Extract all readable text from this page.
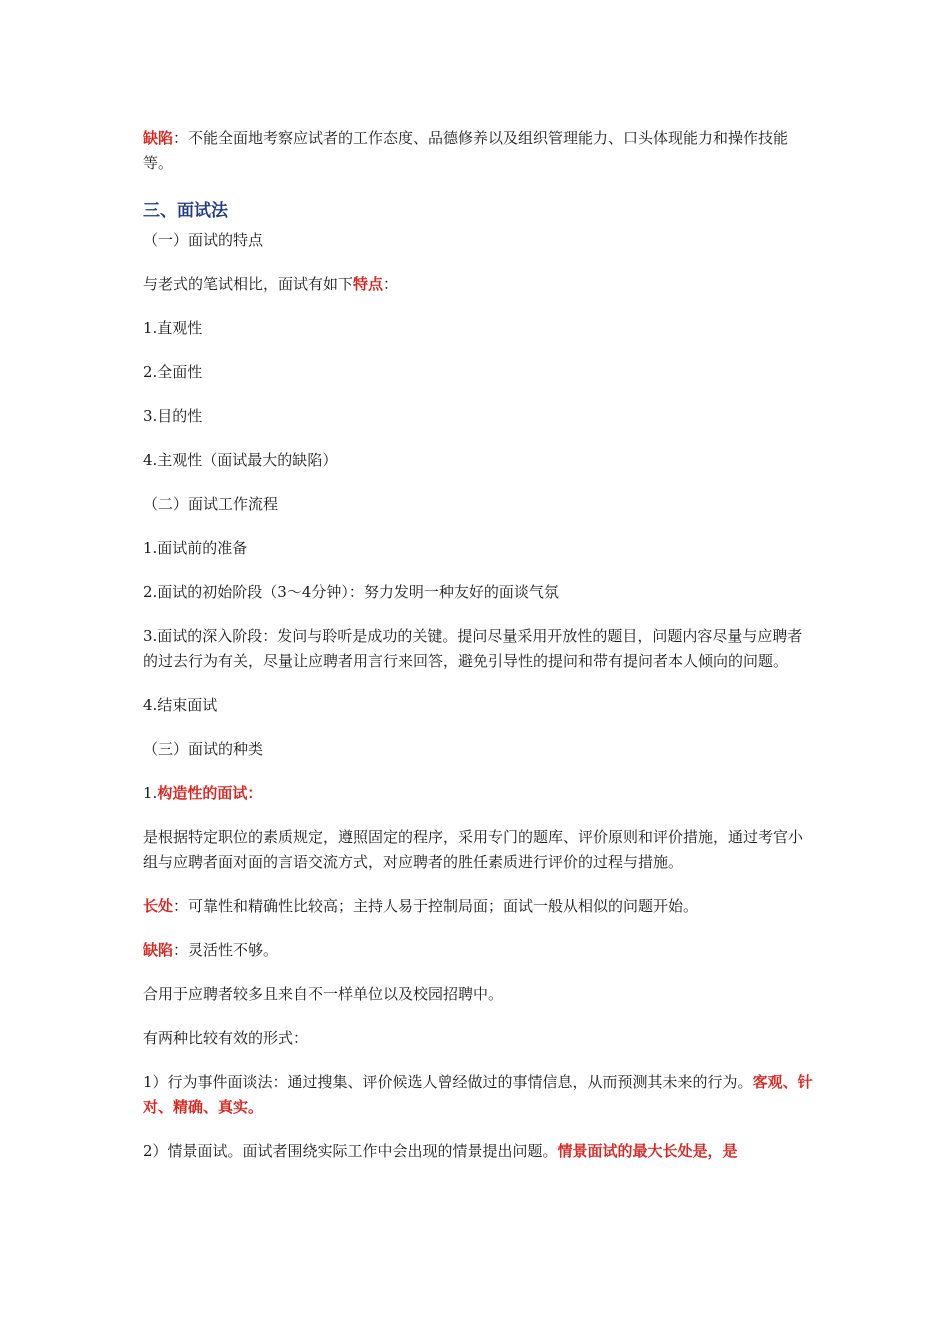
缺陷：不能全面地考察应试者的工作态度、品德修养以及组织管理能力、口头体现能力和操作技能等。

三、面试法

（一）面试的特点

与老式的笔试相比，面试有如下特点：

1.直观性

2.全面性

3.目的性

4.主观性（面试最大的缺陷）

（二）面试工作流程

1.面试前的准备

2.面试的初始阶段（3～4分钟）：努力发明一种友好的面谈气氛

3.面试的深入阶段：发问与聆听是成功的关键。提问尽量采用开放性的题目，问题内容尽量与应聘者的过去行为有关，尽量让应聘者用言行来回答，避免引导性的提问和带有提问者本人倾向的问题。

4.结束面试

（三）面试的种类

1.构造性的面试：

是根据特定职位的素质规定，遵照固定的程序，采用专门的题库、评价原则和评价措施，通过考官小组与应聘者面对面的言语交流方式，对应聘者的胜任素质进行评价的过程与措施。

长处：可靠性和精确性比较高；主持人易于控制局面；面试一般从相似的问题开始。

缺陷：灵活性不够。

合用于应聘者较多且来自不一样单位以及校园招聘中。

有两种比较有效的形式：

1）行为事件面谈法：通过搜集、评价候选人曾经做过的事情信息，从而预测其未来的行为。客观、针对、精确、真实。

2）情景面试。面试者围绕实际工作中会出现的情景提出问题。情景面试的最大长处是，是
